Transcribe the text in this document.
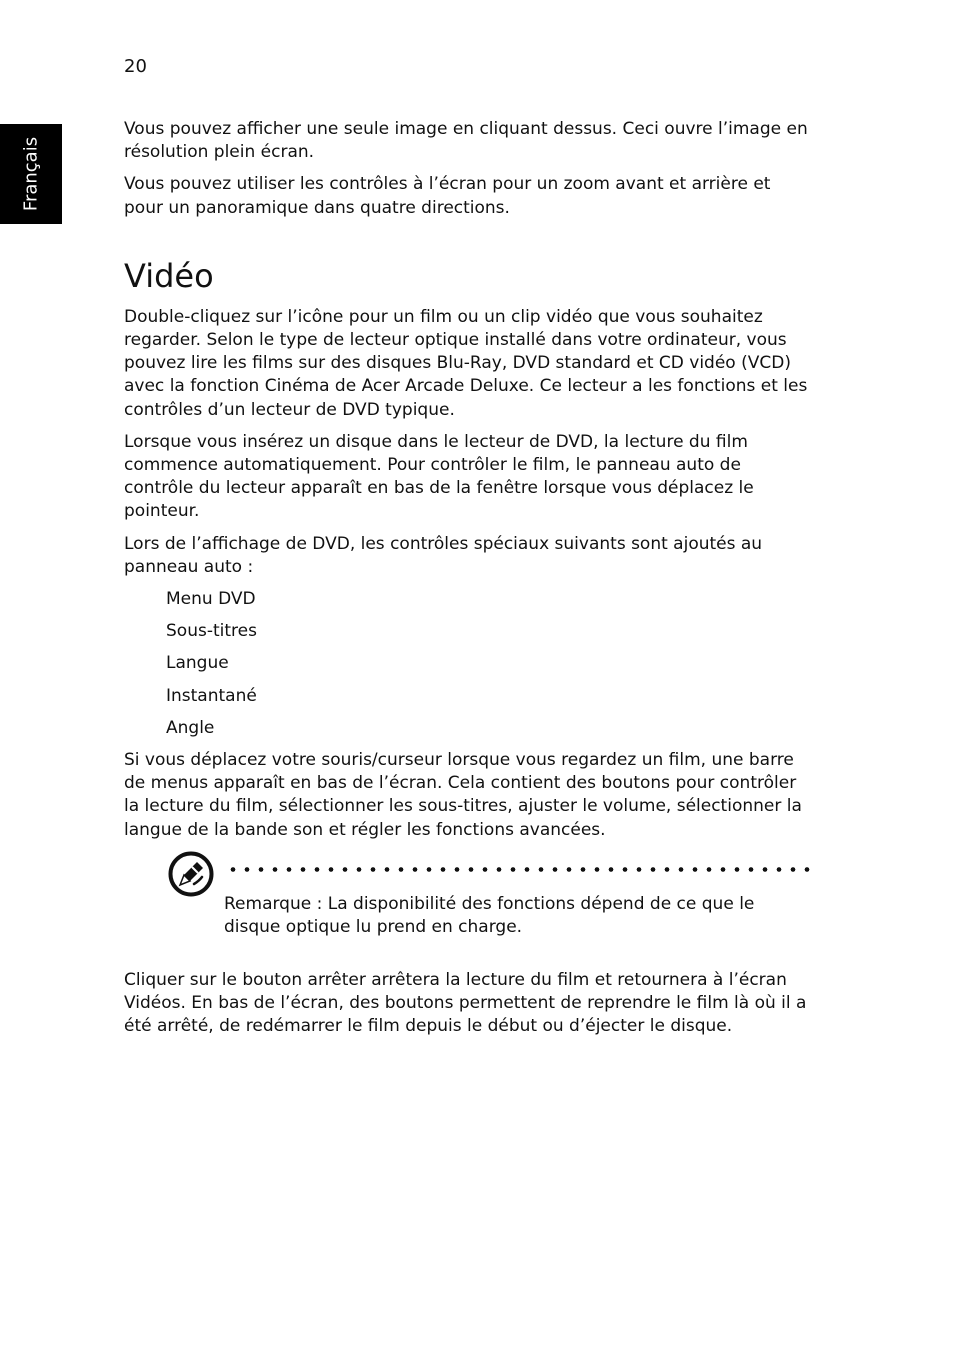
20
Français

Vous pouvez afficher une seule image en cliquant dessus. Ceci ouvre l’image en résolution plein écran.

Vous pouvez utiliser les contrôles à l’écran pour un zoom avant et arrière et pour un panoramique dans quatre directions.

Vidéo

Double-cliquez sur l’icône pour un film ou un clip vidéo que vous souhaitez regarder. Selon le type de lecteur optique installé dans votre ordinateur, vous pouvez lire les films sur des disques Blu-Ray, DVD standard et CD vidéo (VCD) avec la fonction Cinéma de Acer Arcade Deluxe. Ce lecteur a les fonctions et les contrôles d’un lecteur de DVD typique.

Lorsque vous insérez un disque dans le lecteur de DVD, la lecture du film commence automatiquement. Pour contrôler le film, le panneau auto de contrôle du lecteur apparaît en bas de la fenêtre lorsque vous déplacez le pointeur.

Lors de l’affichage de DVD, les contrôles spéciaux suivants sont ajoutés au panneau auto :

Menu DVD
Sous-titres
Langue
Instantané
Angle

Si vous déplacez votre souris/curseur lorsque vous regardez un film, une barre de menus apparaît en bas de l’écran. Cela contient des boutons pour contrôler la lecture du film, sélectionner les sous-titres, ajuster le volume, sélectionner la langue de la bande son et régler les fonctions avancées.

Remarque : La disponibilité des fonctions dépend de ce que le disque optique lu prend en charge.

Cliquer sur le bouton arrêter arrêtera la lecture du film et retournera à l’écran Vidéos. En bas de l’écran, des boutons permettent de reprendre le film là où il a été arrêté, de redémarrer le film depuis le début ou d’éjecter le disque.
